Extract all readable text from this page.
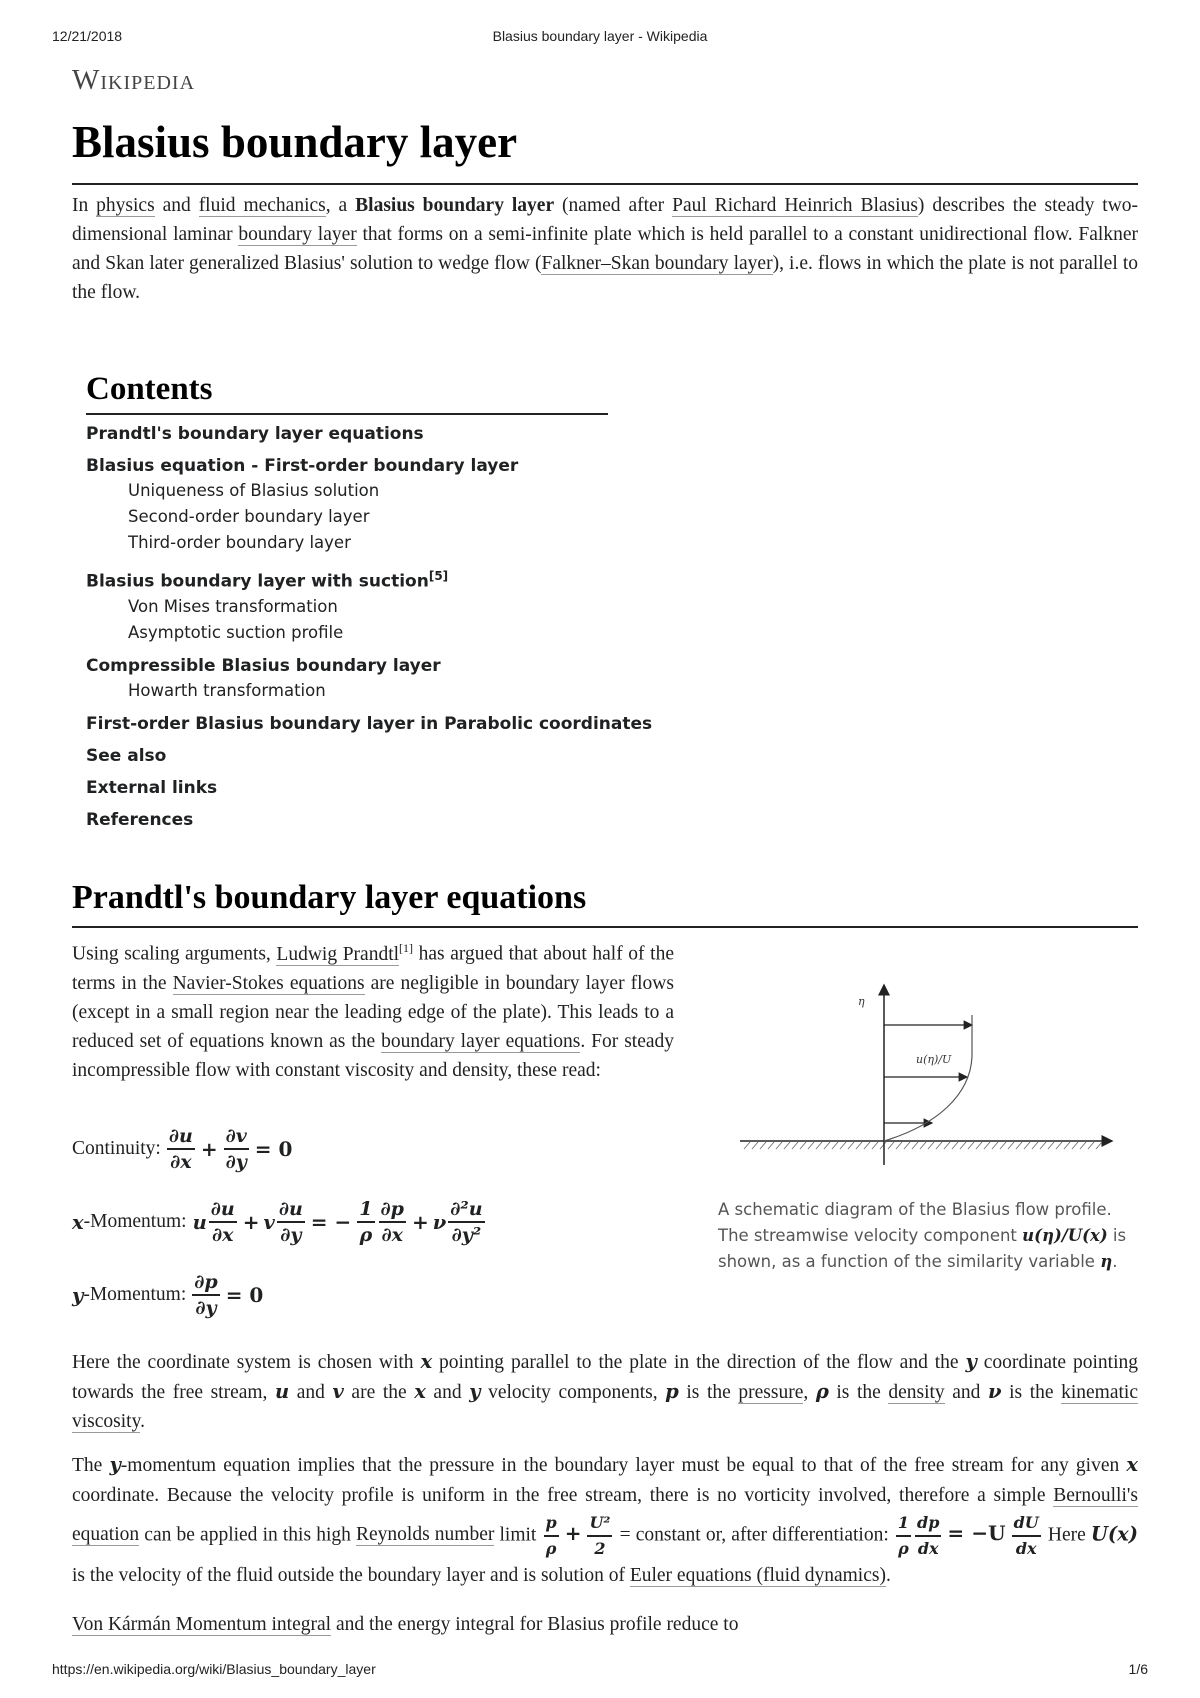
12/21/2018	Blasius boundary layer - Wikipedia
https://en.wikipedia.org/wiki/Blasius_boundary_layer	1/6
Wikipedia
Blasius boundary layer

In physics and fluid mechanics, a Blasius boundary layer (named after Paul Richard Heinrich Blasius) describes the steady two-dimensional laminar boundary layer that forms on a semi-infinite plate which is held parallel to a constant unidirectional flow. Falkner and Skan later generalized Blasius' solution to wedge flow (Falkner–Skan boundary layer), i.e. flows in which the plate is not parallel to the flow.

Contents
Prandtl's boundary layer equations
Blasius equation - First-order boundary layer
Uniqueness of Blasius solution
Second-order boundary layer
Third-order boundary layer
Blasius boundary layer with suction[5]
Von Mises transformation
Asymptotic suction profile
Compressible Blasius boundary layer
Howarth transformation
First-order Blasius boundary layer in Parabolic coordinates
See also
External links
References
Prandtl's boundary layer equations

Using scaling arguments, Ludwig Prandtl[1] has argued that about half of the terms in the Navier-Stokes equations are negligible in boundary layer flows (except in a small region near the leading edge of the plate). This leads to a reduced set of equations known as the boundary layer equations. For steady incompressible flow with constant viscosity and density, these read:

Continuity: $\frac{\partial u}{\partial x} + \frac{\partial v}{\partial y} = 0$
x -Momentum: u $\frac{\partial u}{\partial x} + v \frac{\partial u}{\partial y}$ = − $\frac{1}{\rho} \frac{\partial p}{\partial x} + \nu \frac{\text{∂²u}}{\text{∂y²}}$
y -Momentum: $\frac{\partial p}{\partial y} = 0$
η
u(η)/U
A schematic diagram of the Blasius flow profile. The streamwise velocity component u(η)/U(x) is shown, as a function of the similarity variable η.

Here the coordinate system is chosen with x pointing parallel to the plate in the direction of the flow and the y coordinate pointing towards the free stream, u and v are the x and y velocity components, p is the pressure, ρ is the density and ν is the kinematic viscosity.

The y-momentum equation implies that the pressure in the boundary layer must be equal to that of the free stream for any given x coordinate. Because the velocity profile is uniform in the free stream, there is no vorticity involved, therefore a simple Bernoulli's equation can be applied in this high Reynolds number limit $\frac{p}{\rho} + \frac{\text{U²}}{2}$ = constant or, after differentiation: $\frac{1}{\rho} \frac{dp}{dx} = -U \frac{dU}{dx}$ Here U(x) is the velocity of the fluid outside the boundary layer and is solution of Euler equations (fluid dynamics).

Von Kármán Momentum integral and the energy integral for Blasius profile reduce to
